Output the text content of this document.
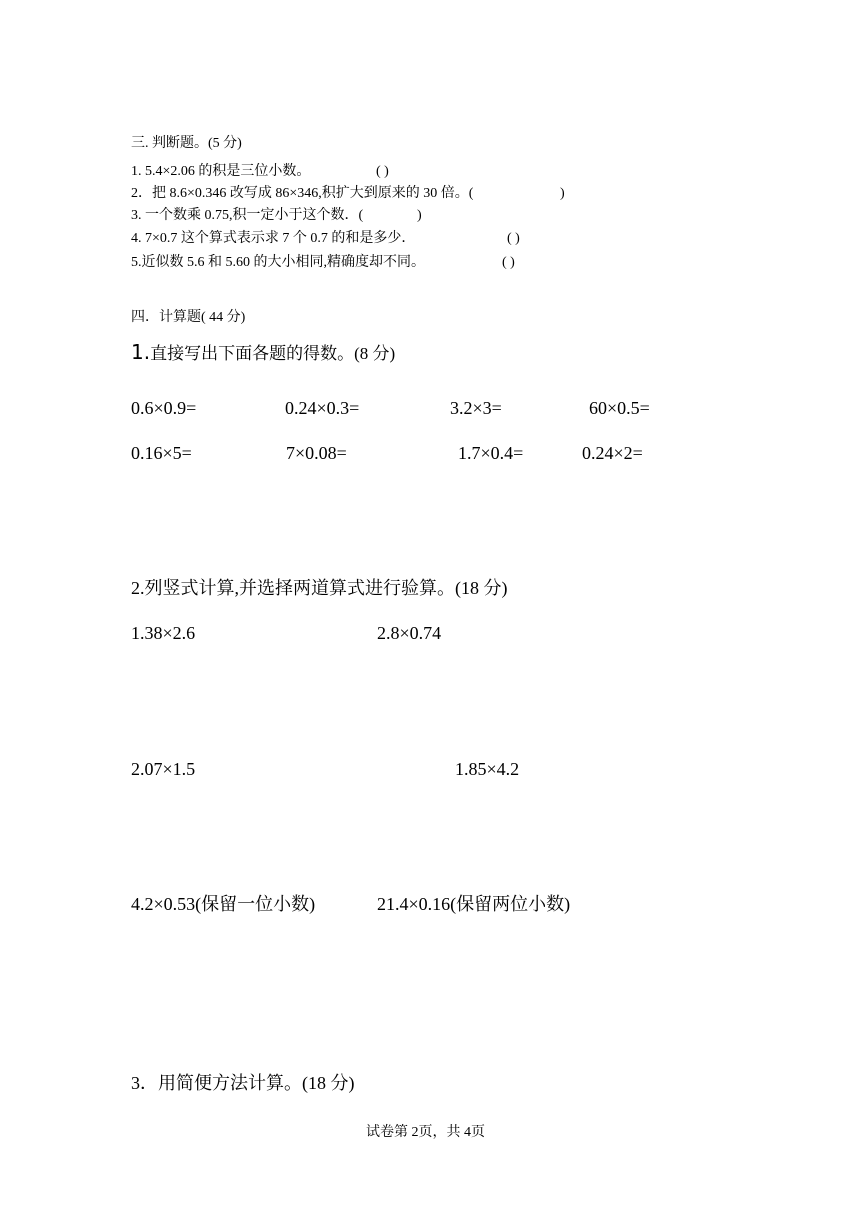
三. 判断题。(5 分)
1. 5.4×2.06 的积是三位小数。	( )
2．把 8.6×0.346 改写成 86×346,积扩大到原来的 30 倍。(	)
3. 一个数乘 0.75,积一定小于这个数．(	)
4. 7×0.7 这个算式表示求 7 个 0.7 的和是多少．	( )
5.近似数 5.6 和 5.60 的大小相同,精确度却不同。	( )
四．计算题( 44 分)
1.直接写出下面各题的得数。(8 分)
0.6×0.9=	0.24×0.3=	3.2×3=	60×0.5=
0.16×5=	7×0.08=	1.7×0.4=	0.24×2=
2.列竖式计算,并选择两道算式进行验算。(18 分)
1.38×2.6	2.8×0.74
2.07×1.5	1.85×4.2
4.2×0.53(保留一位小数)	21.4×0.16(保留两位小数)
3．用简便方法计算。(18 分)
试卷第 2页，共 4页
